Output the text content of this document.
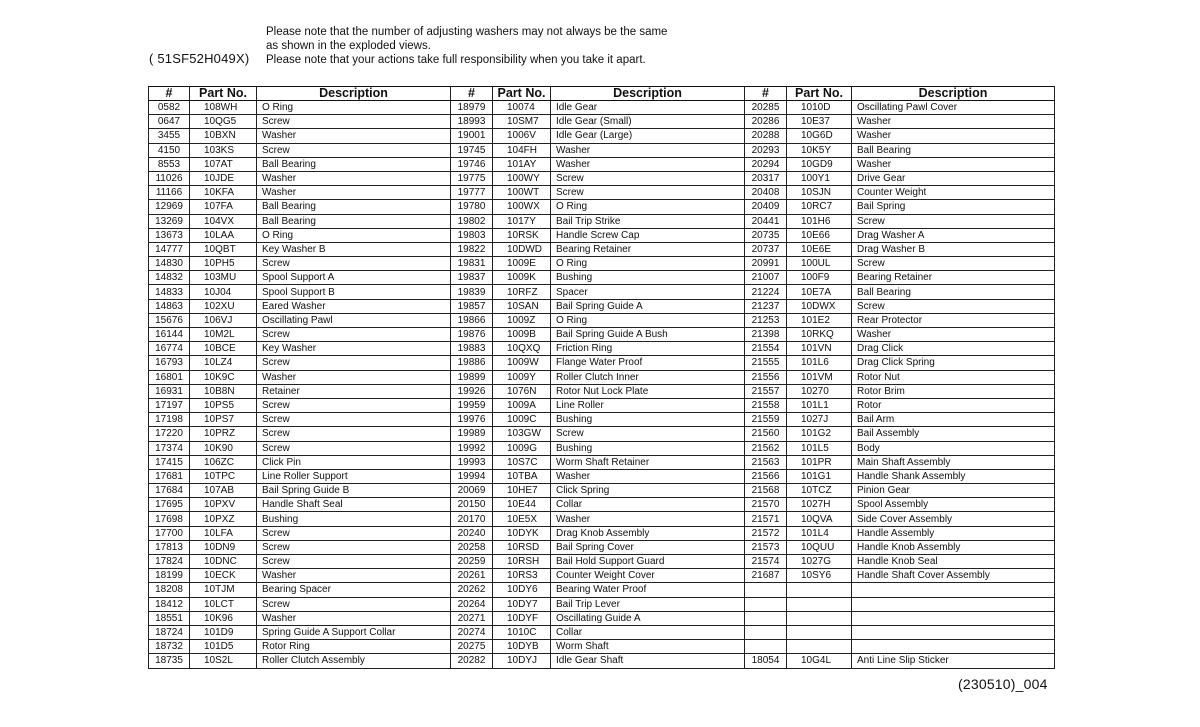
( 51SF52H049X)
Please note that the number of adjusting washers may not always be the same
as shown in the exploded views.
Please note that your actions take full responsibility when you take it apart.
#	Part No.	Description	#	Part No.	Description	#	Part No.	Description
0582	108WH	O Ring	18979	10074	Idle Gear	20285	1010D	Oscillating Pawl Cover
0647	10QG5	Screw	18993	10SM7	Idle Gear (Small)	20286	10E37	Washer
3455	10BXN	Washer	19001	1006V	Idle Gear (Large)	20288	10G6D	Washer
4150	103KS	Screw	19745	104FH	Washer	20293	10K5Y	Ball Bearing
8553	107AT	Ball Bearing	19746	101AY	Washer	20294	10GD9	Washer
11026	10JDE	Washer	19775	100WY	Screw	20317	100Y1	Drive Gear
11166	10KFA	Washer	19777	100WT	Screw	20408	10SJN	Counter Weight
12969	107FA	Ball Bearing	19780	100WX	O Ring	20409	10RC7	Bail Spring
13269	104VX	Ball Bearing	19802	1017Y	Bail Trip Strike	20441	101H6	Screw
13673	10LAA	O Ring	19803	10RSK	Handle Screw Cap	20735	10E66	Drag Washer A
14777	10QBT	Key Washer B	19822	10DWD	Bearing Retainer	20737	10E6E	Drag Washer B
14830	10PH5	Screw	19831	1009E	O Ring	20991	100UL	Screw
14832	103MU	Spool Support A	19837	1009K	Bushing	21007	100F9	Bearing Retainer
14833	10J04	Spool Support B	19839	10RFZ	Spacer	21224	10E7A	Ball Bearing
14863	102XU	Eared Washer	19857	10SAN	Bail Spring Guide A	21237	10DWX	Screw
15676	106VJ	Oscillating Pawl	19866	1009Z	O Ring	21253	101E2	Rear Protector
16144	10M2L	Screw	19876	1009B	Bail Spring Guide A Bush	21398	10RKQ	Washer
16774	10BCE	Key Washer	19883	10QXQ	Friction Ring	21554	101VN	Drag Click
16793	10LZ4	Screw	19886	1009W	Flange Water Proof	21555	101L6	Drag Click Spring
16801	10K9C	Washer	19899	1009Y	Roller Clutch Inner	21556	101VM	Rotor Nut
16931	10B8N	Retainer	19926	1076N	Rotor Nut Lock Plate	21557	10270	Rotor Brim
17197	10PS5	Screw	19959	1009A	Line Roller	21558	101L1	Rotor
17198	10PS7	Screw	19976	1009C	Bushing	21559	1027J	Bail Arm
17220	10PRZ	Screw	19989	103GW	Screw	21560	101G2	Bail Assembly
17374	10K90	Screw	19992	1009G	Bushing	21562	101L5	Body
17415	106ZC	Click Pin	19993	10S7C	Worm Shaft Retainer	21563	101PR	Main Shaft Assembly
17681	10TPC	Line Roller Support	19994	10TBA	Washer	21566	101G1	Handle Shank Assembly
17684	107AB	Bail Spring Guide B	20069	10HE7	Click Spring	21568	10TCZ	Pinion Gear
17695	10PXV	Handle Shaft Seal	20150	10E44	Collar	21570	1027H	Spool Assembly
17698	10PXZ	Bushing	20170	10E5X	Washer	21571	10QVA	Side Cover Assembly
17700	10LFA	Screw	20240	10DYK	Drag Knob Assembly	21572	101L4	Handle Assembly
17813	10DN9	Screw	20258	10RSD	Bail Spring Cover	21573	10QUU	Handle Knob Assembly
17824	10DNC	Screw	20259	10RSH	Bail Hold Support Guard	21574	1027G	Handle Knob Seal
18199	10ECK	Washer	20261	10RS3	Counter Weight Cover	21687	10SY6	Handle Shaft Cover Assembly
18208	10TJM	Bearing Spacer	20262	10DY6	Bearing Water Proof			
18412	10LCT	Screw	20264	10DY7	Bail Trip Lever			
18551	10K96	Washer	20271	10DYF	Oscillating Guide A			
18724	101D9	Spring Guide A Support Collar	20274	1010C	Collar			
18732	101D5	Rotor Ring	20275	10DYB	Worm Shaft			
18735	10S2L	Roller Clutch Assembly	20282	10DYJ	Idle Gear Shaft	18054	10G4L	Anti Line Slip Sticker
(230510)_004
